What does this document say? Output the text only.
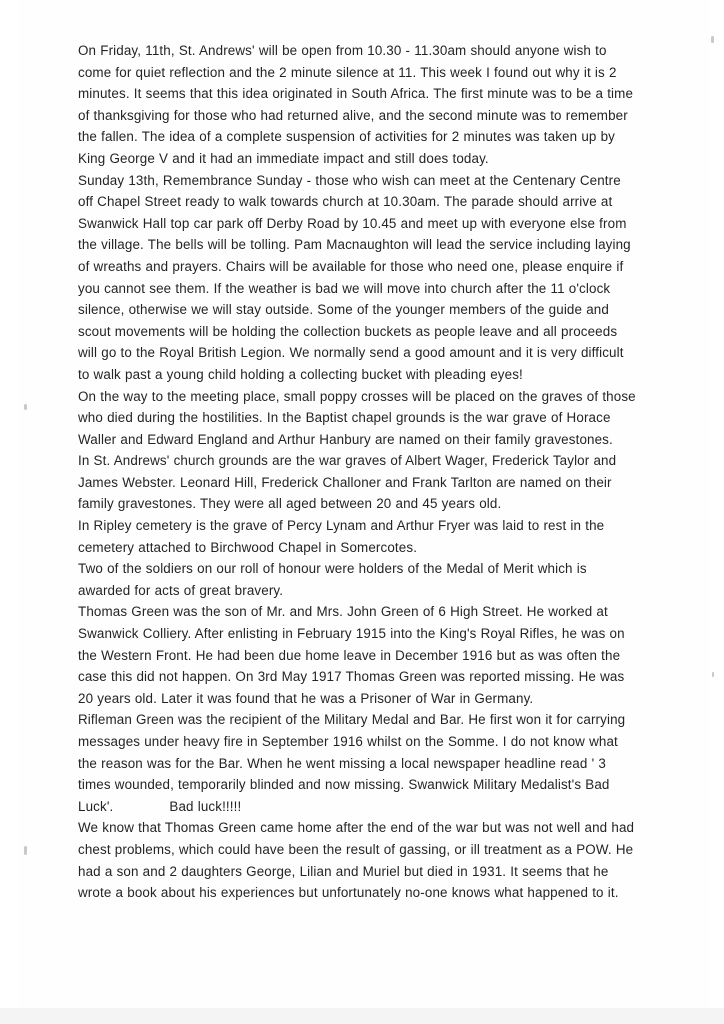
On Friday, 11th, St. Andrews' will be open from 10.30 - 11.30am should anyone wish to come for quiet reflection and the 2 minute silence at 11. This week I found out why it is 2 minutes. It seems that this idea originated in South Africa. The first minute was to be a time of thanksgiving for those who had returned alive, and the second minute was to remember the fallen. The idea of a complete suspension of activities for 2 minutes was taken up by King George V and it had an immediate impact and still does today.

Sunday 13th, Remembrance Sunday - those who wish can meet at the Centenary Centre off Chapel Street ready to walk towards church at 10.30am. The parade should arrive at Swanwick Hall top car park off Derby Road by 10.45 and meet up with everyone else from the village. The bells will be tolling. Pam Macnaughton will lead the service including laying of wreaths and prayers. Chairs will be available for those who need one, please enquire if you cannot see them. If the weather is bad we will move into church after the 11 o'clock silence, otherwise we will stay outside. Some of the younger members of the guide and scout movements will be holding the collection buckets as people leave and all proceeds will go to the Royal British Legion. We normally send a good amount and it is very difficult to walk past a young child holding a collecting bucket with pleading eyes!

On the way to the meeting place, small poppy crosses will be placed on the graves of those who died during the hostilities. In the Baptist chapel grounds is the war grave of Horace Waller and Edward England and Arthur Hanbury are named on their family gravestones.

In St. Andrews' church grounds are the war graves of Albert Wager, Frederick Taylor and James Webster. Leonard Hill, Frederick Challoner and Frank Tarlton are named on their family gravestones. They were all aged between 20 and 45 years old.

In Ripley cemetery is the grave of Percy Lynam and Arthur Fryer was laid to rest in the cemetery attached to Birchwood Chapel in Somercotes.

Two of the soldiers on our roll of honour were holders of the Medal of Merit which is awarded for acts of great bravery.

Thomas Green was the son of Mr. and Mrs. John Green of 6 High Street. He worked at Swanwick Colliery. After enlisting in February 1915 into the King's Royal Rifles, he was on the Western Front. He had been due home leave in December 1916 but as was often the case this did not happen. On 3rd May 1917 Thomas Green was reported missing. He was 20 years old. Later it was found that he was a Prisoner of War in Germany.

Rifleman Green was the recipient of the Military Medal and Bar. He first won it for carrying messages under heavy fire in September 1916 whilst on the Somme. I do not know what the reason was for the Bar. When he went missing a local newspaper headline read ' 3 times wounded, temporarily blinded and now missing. Swanwick Military Medalist's Bad Luck'.	Bad luck!!!!!

We know that Thomas Green came home after the end of the war but was not well and had chest problems, which could have been the result of gassing, or ill treatment as a POW. He had a son and 2 daughters George, Lilian and Muriel but died in 1931. It seems that he wrote a book about his experiences but unfortunately no-one knows what happened to it.
